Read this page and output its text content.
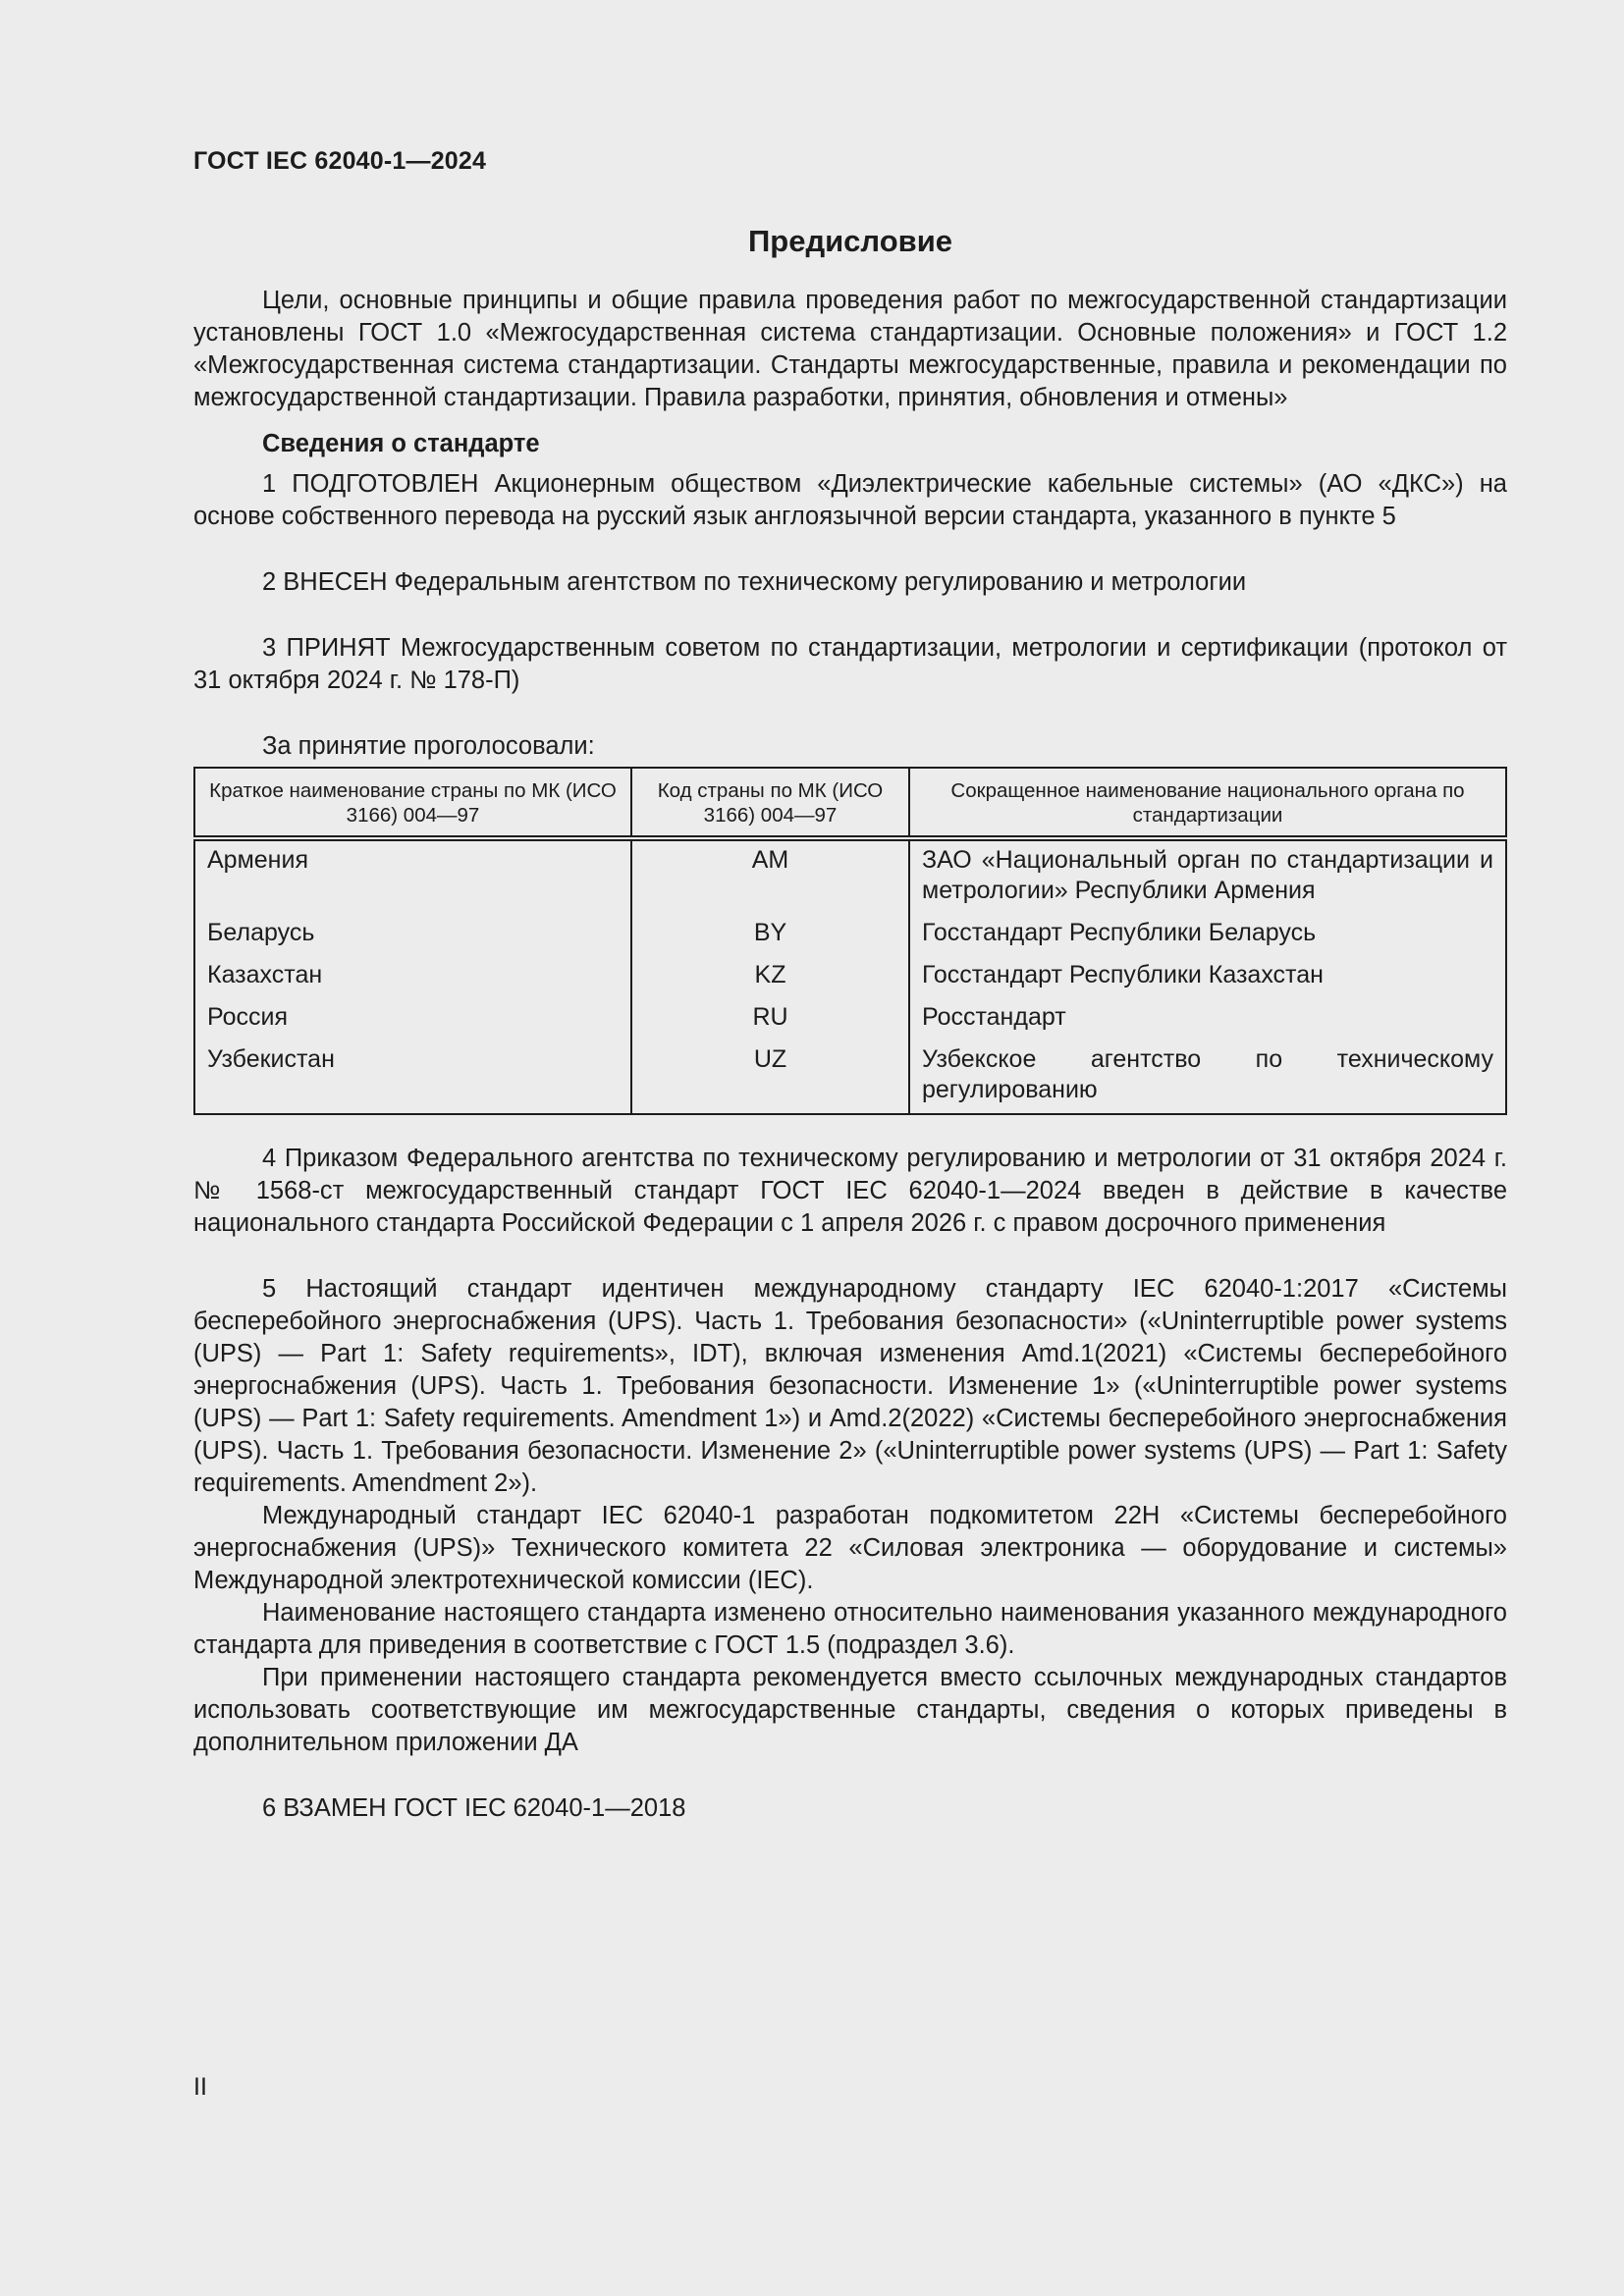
ГОСТ IEC 62040-1—2024
Предисловие

Цели, основные принципы и общие правила проведения работ по межгосударственной стандартизации установлены ГОСТ 1.0 «Межгосударственная система стандартизации. Основные положения» и ГОСТ 1.2 «Межгосударственная система стандартизации. Стандарты межгосударственные, правила и рекомендации по межгосударственной стандартизации. Правила разработки, принятия, обновления и отмены»

Сведения о стандарте

1 ПОДГОТОВЛЕН Акционерным обществом «Диэлектрические кабельные системы» (АО «ДКС») на основе собственного перевода на русский язык англоязычной версии стандарта, указанного в пункте 5

2 ВНЕСЕН Федеральным агентством по техническому регулированию и метрологии

3 ПРИНЯТ Межгосударственным советом по стандартизации, метрологии и сертификации (протокол от 31 октября 2024 г. № 178-П)

За принятие проголосовали:

Краткое наименование страны по МК (ИСО 3166) 004—97	Код страны по МК (ИСО 3166) 004—97	Сокращенное наименование национального органа по стандартизации
Армения	AM	ЗАО «Национальный орган по стандартизации и метрологии» Республики Армения
Беларусь	BY	Госстандарт Республики Беларусь
Казахстан	KZ	Госстандарт Республики Казахстан
Россия	RU	Росстандарт
Узбекистан	UZ	Узбекское агентство по техническому регулированию

4 Приказом Федерального агентства по техническому регулированию и метрологии от 31 октября 2024 г. № 1568-ст межгосударственный стандарт ГОСТ IEC 62040-1—2024 введен в действие в качестве национального стандарта Российской Федерации с 1 апреля 2026 г. с правом досрочного применения

5 Настоящий стандарт идентичен международному стандарту IEC 62040-1:2017 «Системы бесперебойного энергоснабжения (UPS). Часть 1. Требования безопасности» («Uninterruptible power systems (UPS) — Part 1: Safety requirements», IDT), включая изменения Amd.1(2021) «Системы бесперебойного энергоснабжения (UPS). Часть 1. Требования безопасности. Изменение 1» («Uninterruptible power systems (UPS) — Part 1: Safety requirements. Amendment 1») и Amd.2(2022) «Системы бесперебойного энергоснабжения (UPS). Часть 1. Требования безопасности. Изменение 2» («Uninterruptible power systems (UPS) — Part 1: Safety requirements. Amendment 2»).

Международный стандарт IEC 62040-1 разработан подкомитетом 22H «Системы бесперебойного энергоснабжения (UPS)» Технического комитета 22 «Силовая электроника — оборудование и системы» Международной электротехнической комиссии (IEC).

Наименование настоящего стандарта изменено относительно наименования указанного международного стандарта для приведения в соответствие с ГОСТ 1.5 (подраздел 3.6).

При применении настоящего стандарта рекомендуется вместо ссылочных международных стандартов использовать соответствующие им межгосударственные стандарты, сведения о которых приведены в дополнительном приложении ДА

6 ВЗАМЕН ГОСТ IEC 62040-1—2018

II
